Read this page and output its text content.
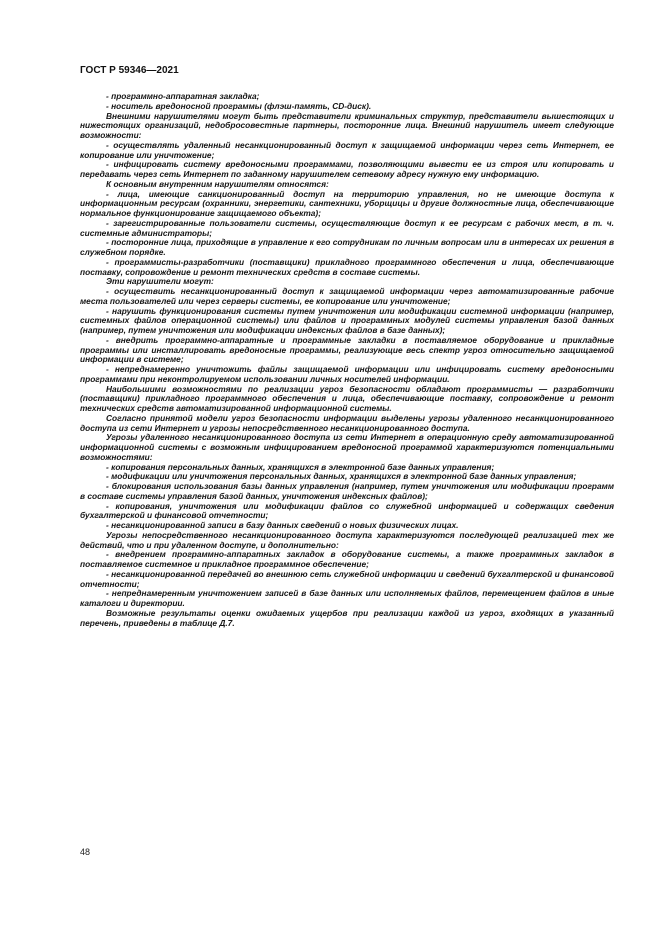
ГОСТ Р 59346—2021

- программно-аппаратная закладка;

- носитель вредоносной программы (флэш-память, CD-диск).

Внешними нарушителями могут быть представители криминальных структур, представители вышестоящих и нижестоящих организаций, недобросовестные партнеры, посторонние лица. Внешний нарушитель имеет следующие возможности:

- осуществлять удаленный несанкционированный доступ к защищаемой информации через сеть Интернет, ее копирование или уничтожение;

- инфицировать систему вредоносными программами, позволяющими вывести ее из строя или копировать и передавать через сеть Интернет по заданному нарушителем сетевому адресу нужную ему информацию.

К основным внутренним нарушителям относятся:

- лица, имеющие санкционированный доступ на территорию управления, но не имеющие доступа к информационным ресурсам (охранники, энергетики, сантехники, уборщицы и другие должностные лица, обеспечивающие нормальное функционирование защищаемого объекта);

- зарегистрированные пользователи системы, осуществляющие доступ к ее ресурсам с рабочих мест, в т. ч. системные администраторы;

- посторонние лица, приходящие в управление к его сотрудникам по личным вопросам или в интересах их решения в служебном порядке.

- программисты-разработчики (поставщики) прикладного программного обеспечения и лица, обеспечивающие поставку, сопровождение и ремонт технических средств в составе системы.

Эти нарушители могут:

- осуществить несанкционированный доступ к защищаемой информации через автоматизированные рабочие места пользователей или через серверы системы, ее копирование или уничтожение;

- нарушить функционирования системы путем уничтожения или модификации системной информации (например, системных файлов операционной системы) или файлов и программных модулей системы управления базой данных (например, путем уничтожения или модификации индексных файлов в базе данных);

- внедрить программно-аппаратные и программные закладки в поставляемое оборудование и прикладные программы или инсталлировать вредоносные программы, реализующие весь спектр угроз относительно защищаемой информации в системе;

- непреднамеренно уничтожить файлы защищаемой информации или инфицировать систему вредоносными программами при неконтролируемом использовании личных носителей информации.

Наибольшими возможностями по реализации угроз безопасности обладают программисты — разработчики (поставщики) прикладного программного обеспечения и лица, обеспечивающие поставку, сопровождение и ремонт технических средств автоматизированной информационной системы.

Согласно принятой модели угроз безопасности информации выделены угрозы удаленного несанкционированного доступа из сети Интернет и угрозы непосредственного несанкционированного доступа.

Угрозы удаленного несанкционированного доступа из сети Интернет в операционную среду автоматизированной информационной системы с возможным инфицированием вредоносной программой характеризуются потенциальными возможностями:

- копирования персональных данных, хранящихся в электронной базе данных управления;

- модификации или уничтожения персональных данных, хранящихся в электронной базе данных управления;

- блокирования использования базы данных управления (например, путем уничтожения или модификации программ в составе системы управления базой данных, уничтожения индексных файлов);

- копирования, уничтожения или модификации файлов со служебной информацией и содержащих сведения бухгалтерской и финансовой отчетности;

- несанкционированной записи в базу данных сведений о новых физических лицах.

Угрозы непосредственного несанкционированного доступа характеризуются последующей реализацией тех же действий, что и при удаленном доступе, и дополнительно:

- внедрением программно-аппаратных закладок в оборудование системы, а также программных закладок в поставляемое системное и прикладное программное обеспечение;

- несанкционированной передачей во внешнюю сеть служебной информации и сведений бухгалтерской и финансовой отчетности;

- непреднамеренным уничтожением записей в базе данных или исполняемых файлов, перемещением файлов в иные каталоги и директории.

Возможные результаты оценки ожидаемых ущербов при реализации каждой из угроз, входящих в указанный перечень, приведены в таблице Д.7.

48
